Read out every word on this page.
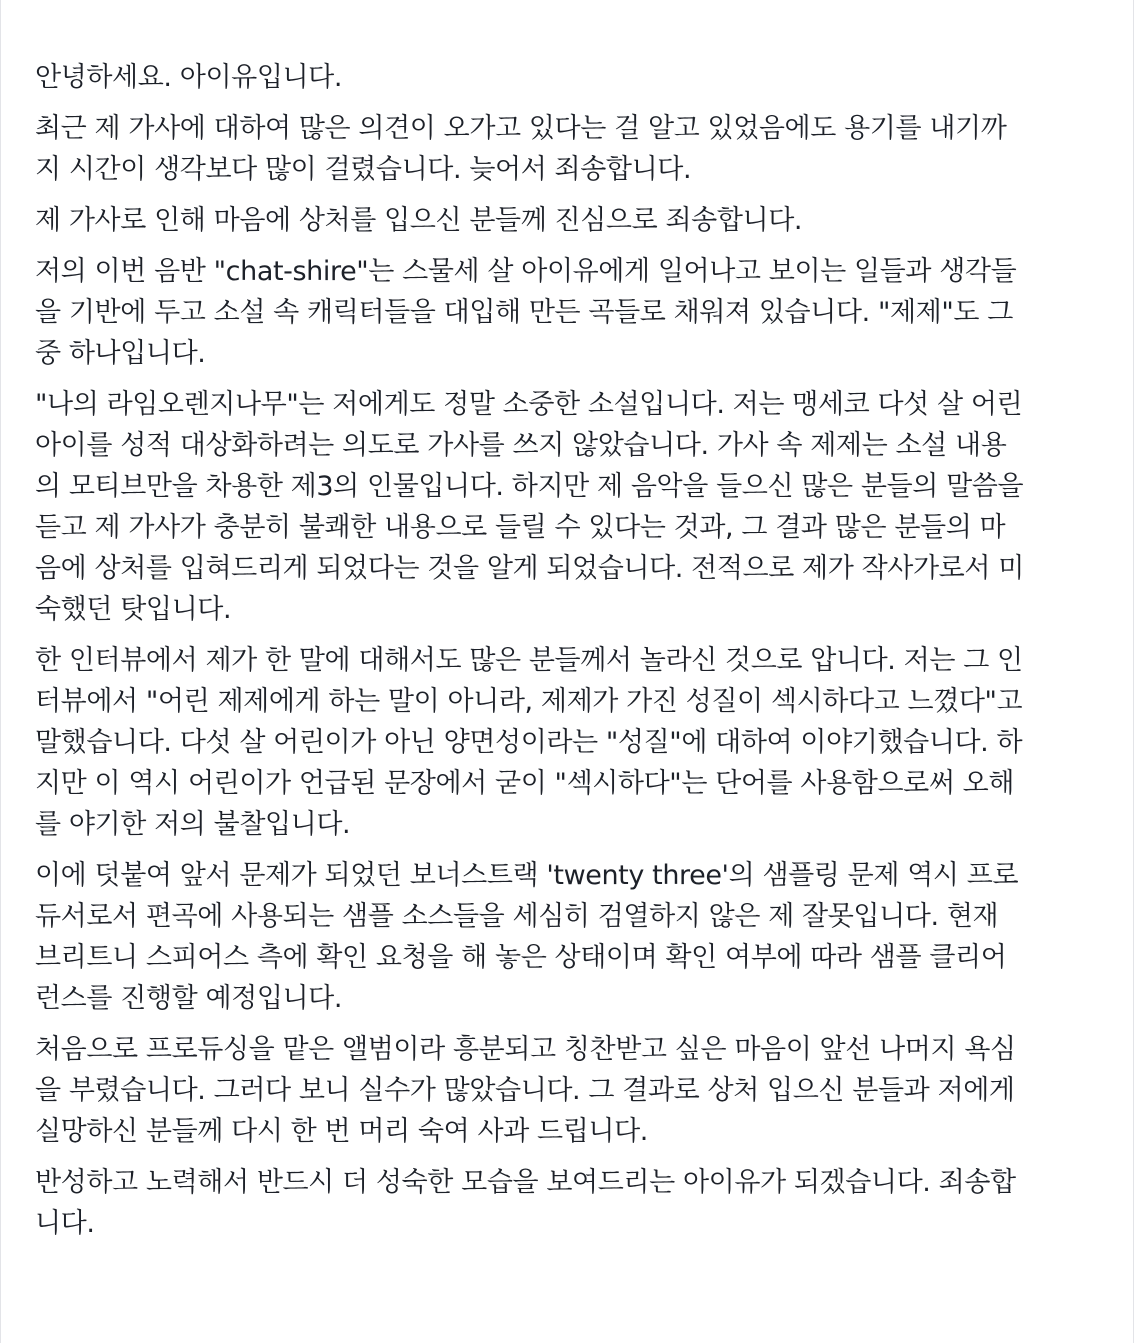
안녕하세요. 아이유입니다.
최근 제 가사에 대하여 많은 의견이 오가고 있다는 걸 알고 있었음에도 용기를 내기까
지 시간이 생각보다 많이 걸렸습니다. 늦어서 죄송합니다.
제 가사로 인해 마음에 상처를 입으신 분들께 진심으로 죄송합니다.
저의 이번 음반 "chat-shire"는 스물세 살 아이유에게 일어나고 보이는 일들과 생각들
을 기반에 두고 소설 속 캐릭터들을 대입해 만든 곡들로 채워져 있습니다. "제제"도 그
중 하나입니다.
"나의 라임오렌지나무"는 저에게도 정말 소중한 소설입니다. 저는 맹세코 다섯 살 어린
아이를 성적 대상화하려는 의도로 가사를 쓰지 않았습니다. 가사 속 제제는 소설 내용
의 모티브만을 차용한 제3의 인물입니다. 하지만 제 음악을 들으신 많은 분들의 말씀을
듣고 제 가사가 충분히 불쾌한 내용으로 들릴 수 있다는 것과, 그 결과 많은 분들의 마
음에 상처를 입혀드리게 되었다는 것을 알게 되었습니다. 전적으로 제가 작사가로서 미
숙했던 탓입니다.
한 인터뷰에서 제가 한 말에 대해서도 많은 분들께서 놀라신 것으로 압니다. 저는 그 인
터뷰에서 "어린 제제에게 하는 말이 아니라, 제제가 가진 성질이 섹시하다고 느꼈다"고
말했습니다. 다섯 살 어린이가 아닌 양면성이라는 "성질"에 대하여 이야기했습니다. 하
지만 이 역시 어린이가 언급된 문장에서 굳이 "섹시하다"는 단어를 사용함으로써 오해
를 야기한 저의 불찰입니다.
이에 덧붙여 앞서 문제가 되었던 보너스트랙 'twenty three'의 샘플링 문제 역시 프로
듀서로서 편곡에 사용되는 샘플 소스들을 세심히 검열하지 않은 제 잘못입니다. 현재
브리트니 스피어스 측에 확인 요청을 해 놓은 상태이며 확인 여부에 따라 샘플 클리어
런스를 진행할 예정입니다.
처음으로 프로듀싱을 맡은 앨범이라 흥분되고 칭찬받고 싶은 마음이 앞선 나머지 욕심
을 부렸습니다. 그러다 보니 실수가 많았습니다. 그 결과로 상처 입으신 분들과 저에게
실망하신 분들께 다시 한 번 머리 숙여 사과 드립니다.
반성하고 노력해서 반드시 더 성숙한 모습을 보여드리는 아이유가 되겠습니다. 죄송합
니다.
